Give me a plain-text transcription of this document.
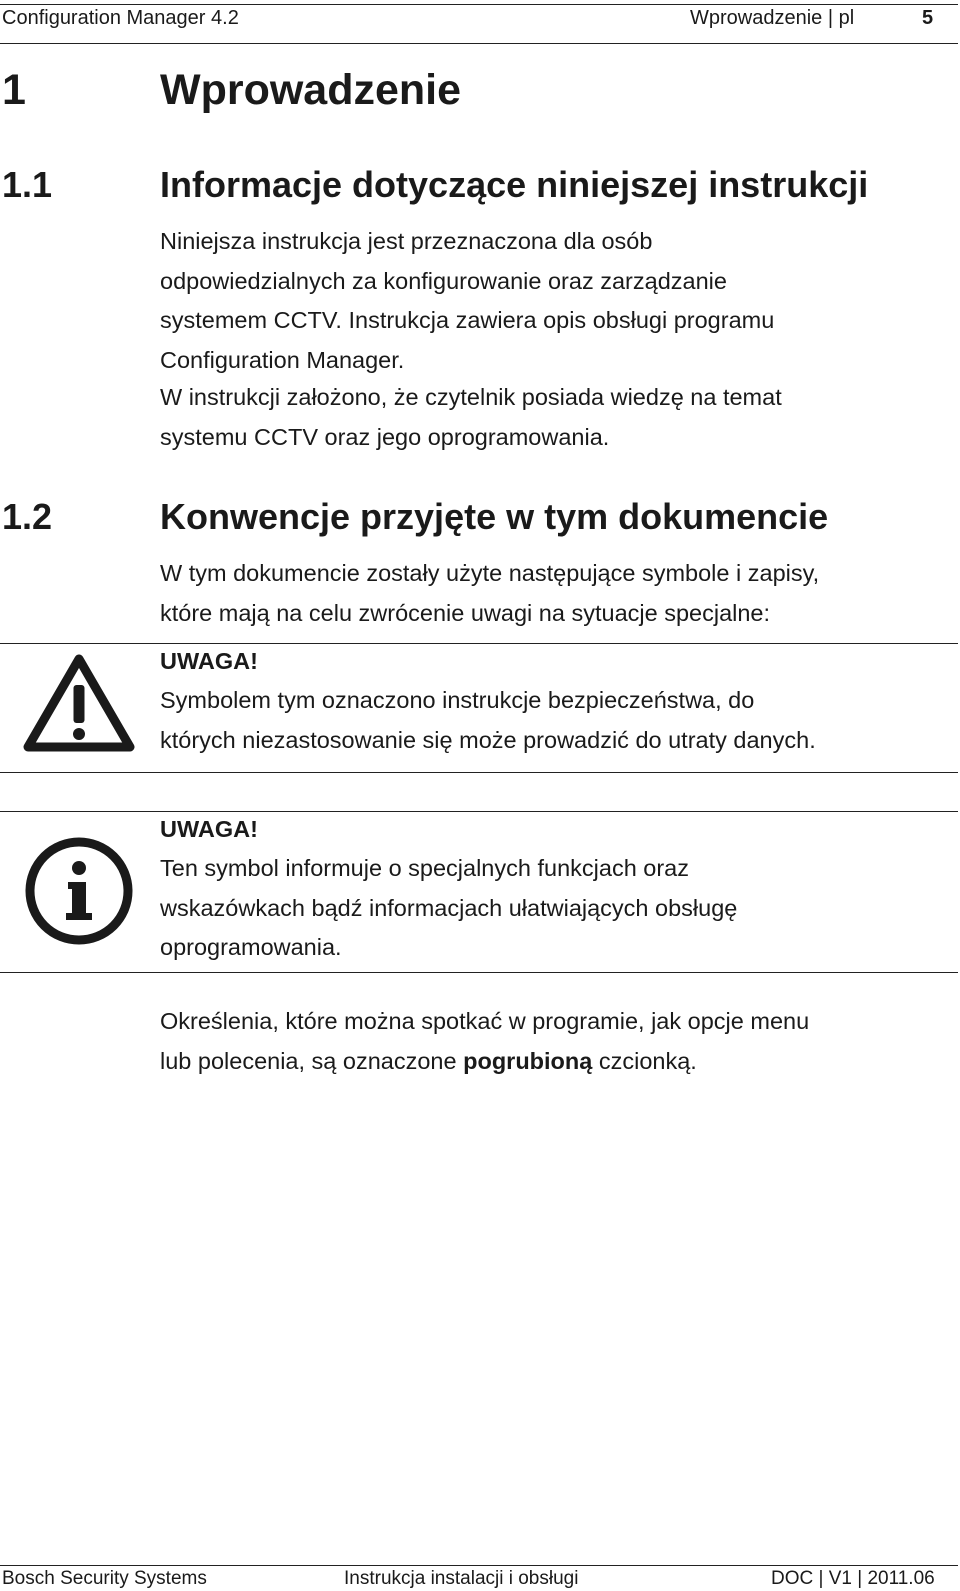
Configuration Manager 4.2	Wprowadzenie | pl	5
1	Wprowadzenie
1.1	Informacje dotyczące niniejszej instrukcji
Niniejsza instrukcja jest przeznaczona dla osób
odpowiedzialnych za konfigurowanie oraz zarządzanie
systemem CCTV. Instrukcja zawiera opis obsługi programu
Configuration Manager.
W instrukcji założono, że czytelnik posiada wiedzę na temat
systemu CCTV oraz jego oprogramowania.
1.2	Konwencje przyjęte w tym dokumencie
W tym dokumencie zostały użyte następujące symbole i zapisy,
które mają na celu zwrócenie uwagi na sytuacje specjalne:
UWAGA!
Symbolem tym oznaczono instrukcje bezpieczeństwa, do
których niezastosowanie się może prowadzić do utraty danych.
UWAGA!
Ten symbol informuje o specjalnych funkcjach oraz
wskazówkach bądź informacjach ułatwiających obsługę
oprogramowania.
Określenia, które można spotkać w programie, jak opcje menu
lub polecenia, są oznaczone pogrubioną czcionką.
Bosch Security Systems	Instrukcja instalacji i obsługi	DOC | V1 | 2011.06
